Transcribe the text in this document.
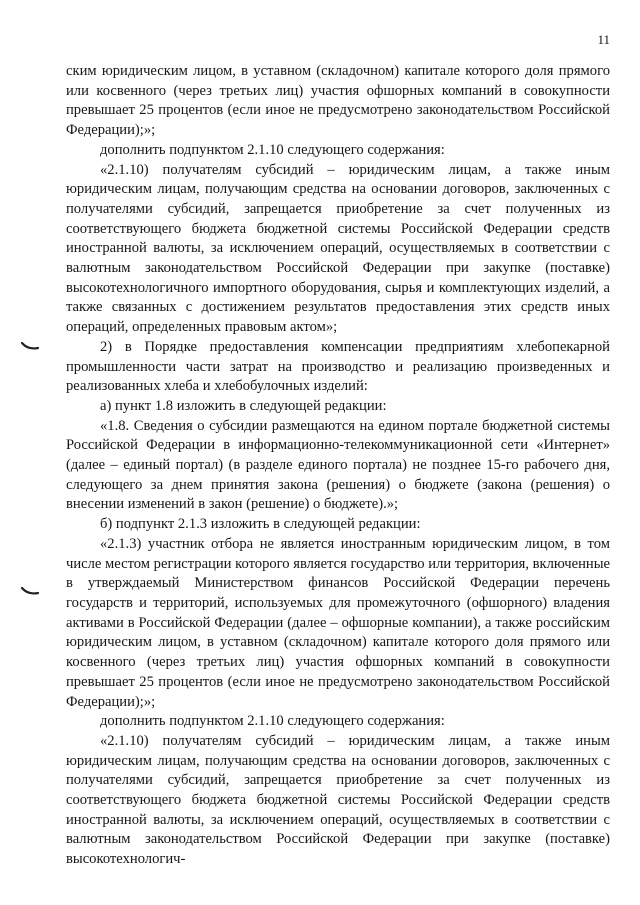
11

ским юридическим лицом, в уставном (складочном) капитале которого доля прямого или косвенного (через третьих лиц) участия офшорных компаний в совокупности превышает 25 процентов (если иное не предусмотрено законодательством Российской Федерации);»;

дополнить подпунктом 2.1.10 следующего содержания:

«2.1.10) получателям субсидий – юридическим лицам, а также иным юридическим лицам, получающим средства на основании договоров, заключенных с получателями субсидий, запрещается приобретение за счет полученных из соответствующего бюджета бюджетной системы Российской Федерации средств иностранной валюты, за исключением операций, осуществляемых в соответствии с валютным законодательством Российской Федерации при закупке (поставке) высокотехнологичного импортного оборудования, сырья и комплектующих изделий, а также связанных с достижением результатов предоставления этих средств иных операций, определенных правовым актом»;

2) в Порядке предоставления компенсации предприятиям хлебопекарной промышленности части затрат на производство и реализацию произведенных и реализованных хлеба и хлебобулочных изделий:

а) пункт 1.8 изложить в следующей редакции:

«1.8. Сведения о субсидии размещаются на едином портале бюджетной системы Российской Федерации в информационно-телекоммуникационной сети «Интернет» (далее – единый портал) (в разделе единого портала) не позднее 15-го рабочего дня, следующего за днем принятия закона (решения) о бюджете (закона (решения) о внесении изменений в закон (решение) о бюджете).»;

б) подпункт 2.1.3 изложить в следующей редакции:

«2.1.3) участник отбора не является иностранным юридическим лицом, в том числе местом регистрации которого является государство или территория, включенные в утверждаемый Министерством финансов Российской Федерации перечень государств и территорий, используемых для промежуточного (офшорного) владения активами в Российской Федерации (далее – офшорные компании), а также российским юридическим лицом, в уставном (складочном) капитале которого доля прямого или косвенного (через третьих лиц) участия офшорных компаний в совокупности превышает 25 процентов (если иное не предусмотрено законодательством Российской Федерации);»;

дополнить подпунктом 2.1.10 следующего содержания:

«2.1.10) получателям субсидий – юридическим лицам, а также иным юридическим лицам, получающим средства на основании договоров, заключенных с получателями субсидий, запрещается приобретение за счет полученных из соответствующего бюджета бюджетной системы Российской Федерации средств иностранной валюты, за исключением операций, осуществляемых в соответствии с валютным законодательством Российской Федерации при закупке (поставке) высокотехнологич-
